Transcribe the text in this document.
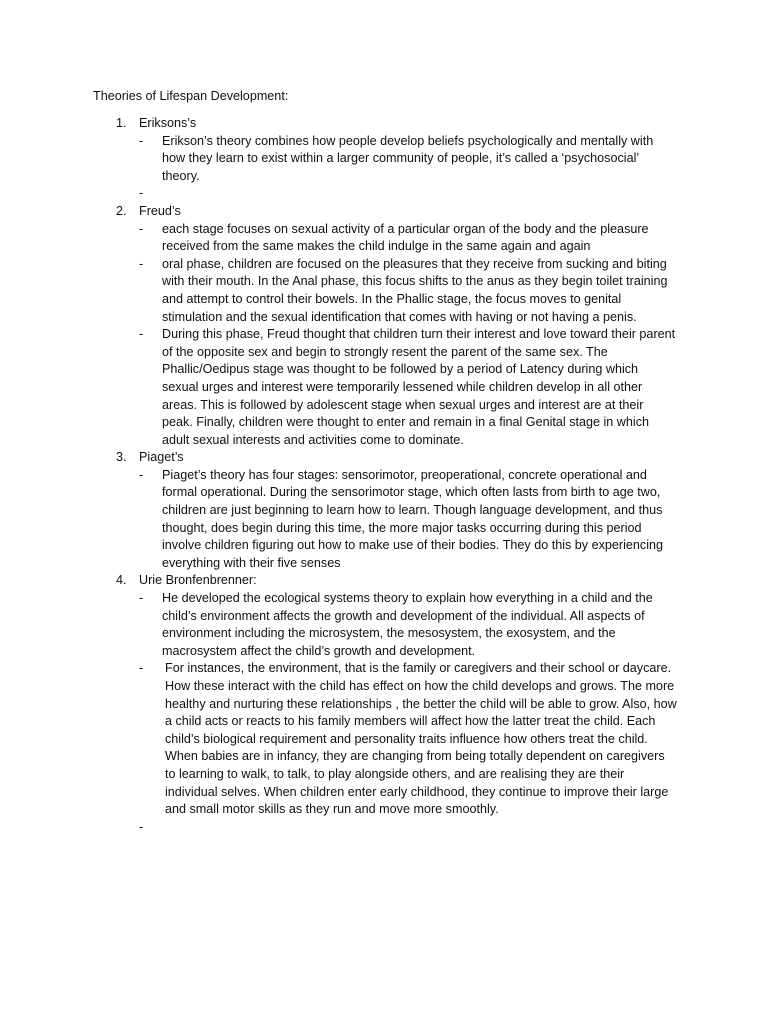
Theories of Lifespan Development:
1. Eriksons’s
- Erikson’s theory combines how people develop beliefs psychologically and mentally with how they learn to exist within a larger community of people, it’s called a ‘psychosocial’ theory.
-
2. Freud’s
- each stage focuses on sexual activity of a particular organ of the body and the pleasure received from the same makes the child indulge in the same again and again
- oral phase, children are focused on the pleasures that they receive from sucking and biting with their mouth. In the Anal phase, this focus shifts to the anus as they begin toilet training and attempt to control their bowels. In the Phallic stage, the focus moves to genital stimulation and the sexual identification that comes with having or not having a penis.
- During this phase, Freud thought that children turn their interest and love toward their parent of the opposite sex and begin to strongly resent the parent of the same sex. The Phallic/Oedipus stage was thought to be followed by a period of Latency during which sexual urges and interest were temporarily lessened while children develop in all other areas. This is followed by adolescent stage when sexual urges and interest are at their peak. Finally, children were thought to enter and remain in a final Genital stage in which adult sexual interests and activities come to dominate.
3. Piaget’s
- Piaget’s theory has four stages: sensorimotor, preoperational, concrete operational and formal operational. During the sensorimotor stage, which often lasts from birth to age two, children are just beginning to learn how to learn. Though language development, and thus thought, does begin during this time, the more major tasks occurring during this period involve children figuring out how to make use of their bodies. They do this by experiencing everything with their five senses
4. Urie Bronfenbrenner:
- He developed the ecological systems theory to explain how everything in a child and the child’s environment affects the growth and development of the individual. All aspects of environment including the microsystem, the mesosystem, the exosystem, and the macrosystem affect the child’s growth and development.
- For instances, the environment, that is the family or caregivers and their school or daycare. How these interact with the child has effect on how the child develops and grows. The more healthy and nurturing these relationships , the better the child will be able to grow. Also, how a child acts or reacts to his family members will affect how the latter treat the child. Each child’s biological requirement and personality traits influence how others treat the child. When babies are in infancy, they are changing from being totally dependent on caregivers to learning to walk, to talk, to play alongside others, and are realising they are their individual selves. When children enter early childhood, they continue to improve their large and small motor skills as they run and move more smoothly.
-
